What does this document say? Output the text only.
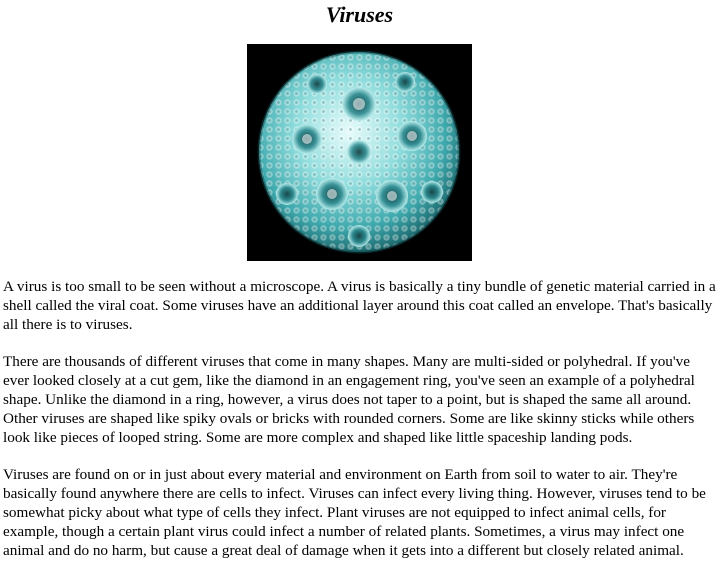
Viruses

A virus is too small to be seen without a microscope. A virus is basically a tiny bundle of genetic material carried in a shell called the viral coat. Some viruses have an additional layer around this coat called an envelope. That's basically all there is to viruses.

There are thousands of different viruses that come in many shapes. Many are multi-sided or polyhedral. If you've ever looked closely at a cut gem, like the diamond in an engagement ring, you've seen an example of a polyhedral shape. Unlike the diamond in a ring, however, a virus does not taper to a point, but is shaped the same all around. Other viruses are shaped like spiky ovals or bricks with rounded corners. Some are like skinny sticks while others look like pieces of looped string. Some are more complex and shaped like little spaceship landing pods.

Viruses are found on or in just about every material and environment on Earth from soil to water to air. They're basically found anywhere there are cells to infect. Viruses can infect every living thing. However, viruses tend to be somewhat picky about what type of cells they infect. Plant viruses are not equipped to infect animal cells, for example, though a certain plant virus could infect a number of related plants. Sometimes, a virus may infect one animal and do no harm, but cause a great deal of damage when it gets into a different but closely related animal.
